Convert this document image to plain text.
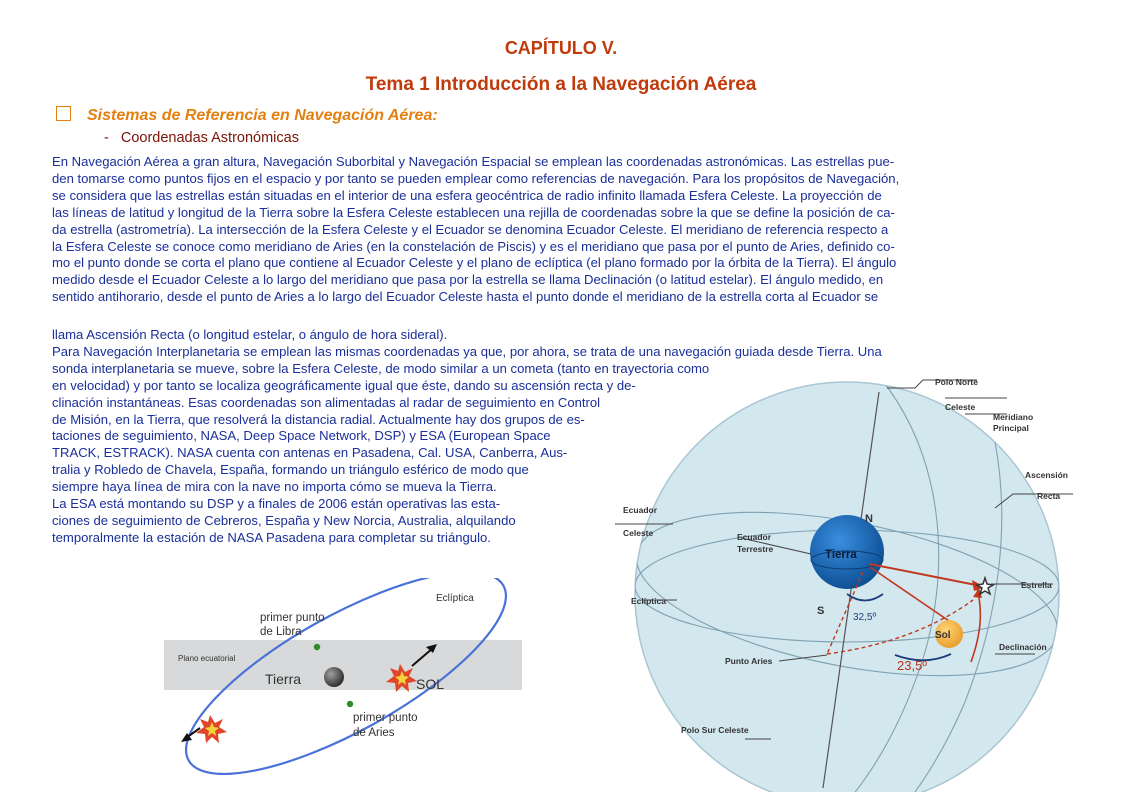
CAPÍTULO V.
Tema 1 Introducción a la Navegación Aérea
Sistemas de Referencia en Navegación Aérea:
- Coordenadas Astronómicas
En Navegación Aérea a gran altura, Navegación Suborbital y Navegación Espacial se emplean las coordenadas astronómicas. Las estrellas pue-
den tomarse como puntos fijos en el espacio y por tanto se pueden emplear como referencias de navegación. Para los propósitos de Navegación,
se considera que las estrellas están situadas en el interior de una esfera geocéntrica de radio infinito llamada Esfera Celeste. La proyección de
las líneas de latitud y longitud de la Tierra sobre la Esfera Celeste establecen una rejilla de coordenadas sobre la que se define la posición de ca-
da estrella (astrometría). La intersección de la Esfera Celeste y el Ecuador se denomina Ecuador Celeste. El meridiano de referencia respecto a
la Esfera Celeste se conoce como meridiano de Aries (en la constelación de Piscis) y es el meridiano que pasa por el punto de Aries, definido co-
mo el punto donde se corta el plano que contiene al Ecuador Celeste y el plano de eclíptica (el plano formado por la órbita de la Tierra). El ángulo
medido desde el Ecuador Celeste a lo largo del meridiano que pasa por la estrella se llama Declinación (o latitud estelar). El ángulo medido, en
sentido antihorario, desde el punto de Aries a lo largo del Ecuador Celeste hasta el punto donde el meridiano de la estrella corta al Ecuador se
llama Ascensión Recta (o longitud estelar, o ángulo de hora sideral).
Para Navegación Interplanetaria se emplean las mismas coordenadas ya que, por ahora, se trata de una navegación guiada desde Tierra. Una
sonda interplanetaria se mueve, sobre la Esfera Celeste, de modo similar a un cometa (tanto en trayectoria como
en velocidad) y por tanto se localiza geográficamente igual que éste, dando su ascensión recta y de-
clinación instantáneas. Esas coordenadas son alimentadas al radar de seguimiento en Control
de Misión, en la Tierra, que resolverá la distancia radial. Actualmente hay dos grupos de es-
taciones de seguimiento, NASA, Deep Space Network, DSP) y ESA (European Space
TRACK, ESTRACK). NASA cuenta con antenas en Pasadena, Cal. USA, Canberra, Aus-
tralia y Robledo de Chavela, España, formando un triángulo esférico de modo que
siempre haya línea de mira con la nave no importa cómo se mueva la Tierra.
La ESA está montando su DSP y a finales de 2006 están operativas las esta-
ciones de seguimiento de Cebreros, España y New Norcia, Australia, alquilando
temporalmente la estación de NASA Pasadena para completar su triángulo.
Eclíptica
primer punto
de Libra
Plano ecuatorial
Tierra	SOL
primer punto
de Aries
Polo Norte
Celeste
Meridiano
Principal
Ascensión
Recta
Ecuador
Celeste	Ecuador
Terrestre
Estrella
Eclíptica
Punto Aries
Declinación
Polo Sur Celeste
N
Tierra
S
32,5º
Sol
23,5º
